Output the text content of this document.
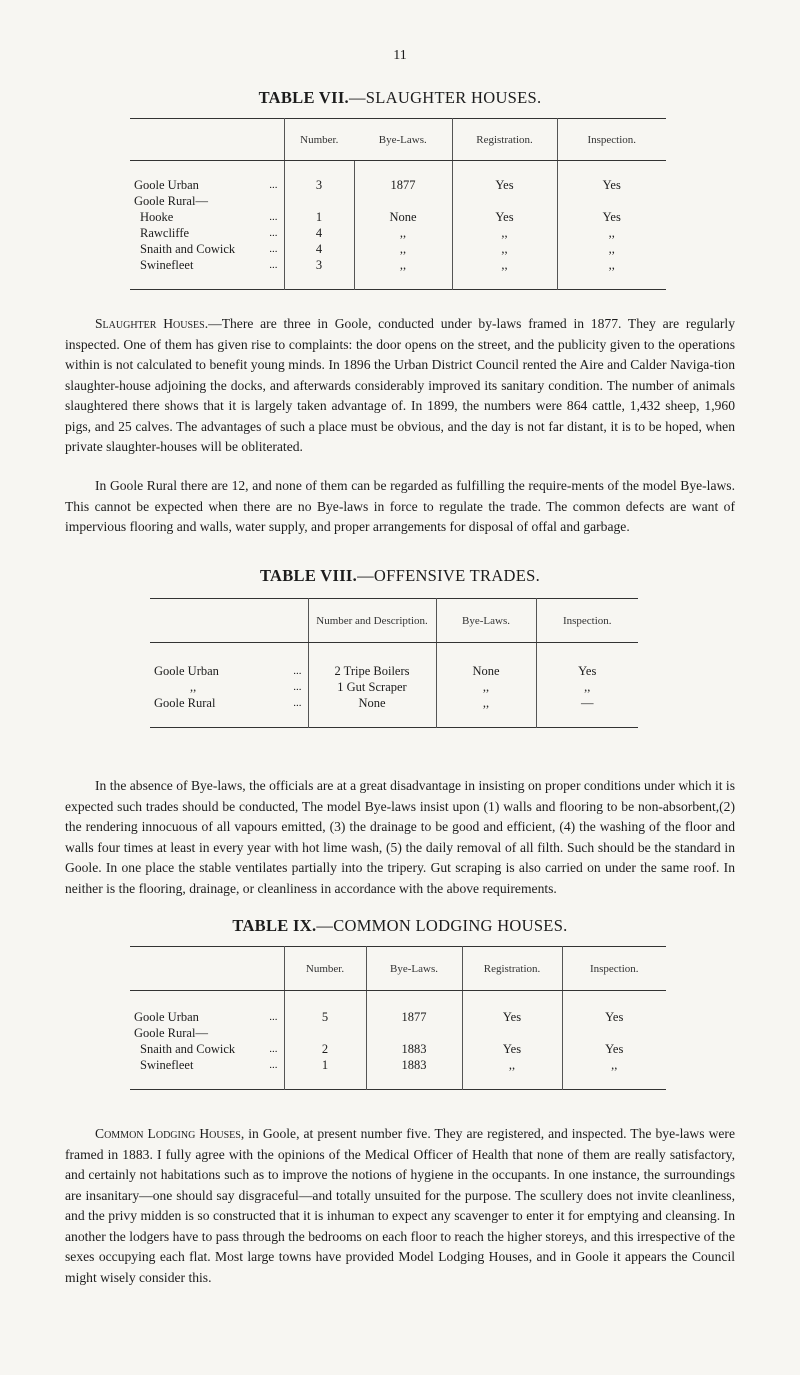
11
TABLE VII.—SLAUGHTER HOUSES.
		Number.	Bye-Laws.	Registration.	Inspection.

Goole Urban	...	3	1877	Yes	Yes
Goole Rural—					
Hooke	...	1	None	Yes	Yes
Rawcliffe	...	4	,,	,,	,,
Snaith and Cowick	...	4	,,	,,	,,
Swinefleet	...	3	,,	,,	,,

Slaughter Houses.—There are three in Goole, conducted under by-laws framed in 1877. They are regularly inspected. One of them has given rise to complaints: the door opens on the street, and the publicity given to the operations within is not calculated to benefit young minds. In 1896 the Urban District Council rented the Aire and Calder Naviga-tion slaughter-house adjoining the docks, and afterwards considerably improved its sanitary condition. The number of animals slaughtered there shows that it is largely taken advantage of. In 1899, the numbers were 864 cattle, 1,432 sheep, 1,960 pigs, and 25 calves. The advantages of such a place must be obvious, and the day is not far distant, it is to be hoped, when private slaughter-houses will be obliterated.

In Goole Rural there are 12, and none of them can be regarded as fulfilling the require-ments of the model Bye-laws. This cannot be expected when there are no Bye-laws in force to regulate the trade. The common defects are want of impervious flooring and walls, water supply, and proper arrangements for disposal of offal and garbage.

TABLE VIII.—OFFENSIVE TRADES.
		Number and Description.	Bye-Laws.	Inspection.

Goole Urban	...	2 Tripe Boilers	None	Yes
,,	...	1 Gut Scraper	,,	,,
Goole Rural	...	None	,,	—

In the absence of Bye-laws, the officials are at a great disadvantage in insisting on proper conditions under which it is expected such trades should be conducted, The model Bye-laws insist upon (1) walls and flooring to be non-absorbent,(2) the rendering innocuous of all vapours emitted, (3) the drainage to be good and efficient, (4) the washing of the floor and walls four times at least in every year with hot lime wash, (5) the daily removal of all filth. Such should be the standard in Goole. In one place the stable ventilates partially into the tripery. Gut scraping is also carried on under the same roof. In neither is the flooring, drainage, or cleanliness in accordance with the above requirements.

TABLE IX.—COMMON LODGING HOUSES.
		Number.	Bye-Laws.	Registration.	Inspection.

Goole Urban	...	5	1877	Yes	Yes
Goole Rural—					
Snaith and Cowick	...	2	1883	Yes	Yes
Swinefleet	...	1	1883	,,	,,

Common Lodging Houses, in Goole, at present number five. They are registered, and inspected. The bye-laws were framed in 1883. I fully agree with the opinions of the Medical Officer of Health that none of them are really satisfactory, and certainly not habitations such as to improve the notions of hygiene in the occupants. In one instance, the surroundings are insanitary—one should say disgraceful—and totally unsuited for the purpose. The scullery does not invite cleanliness, and the privy midden is so constructed that it is inhuman to expect any scavenger to enter it for emptying and cleansing. In another the lodgers have to pass through the bedrooms on each floor to reach the higher storeys, and this irrespective of the sexes occupying each flat. Most large towns have provided Model Lodging Houses, and in Goole it appears the Council might wisely consider this.
